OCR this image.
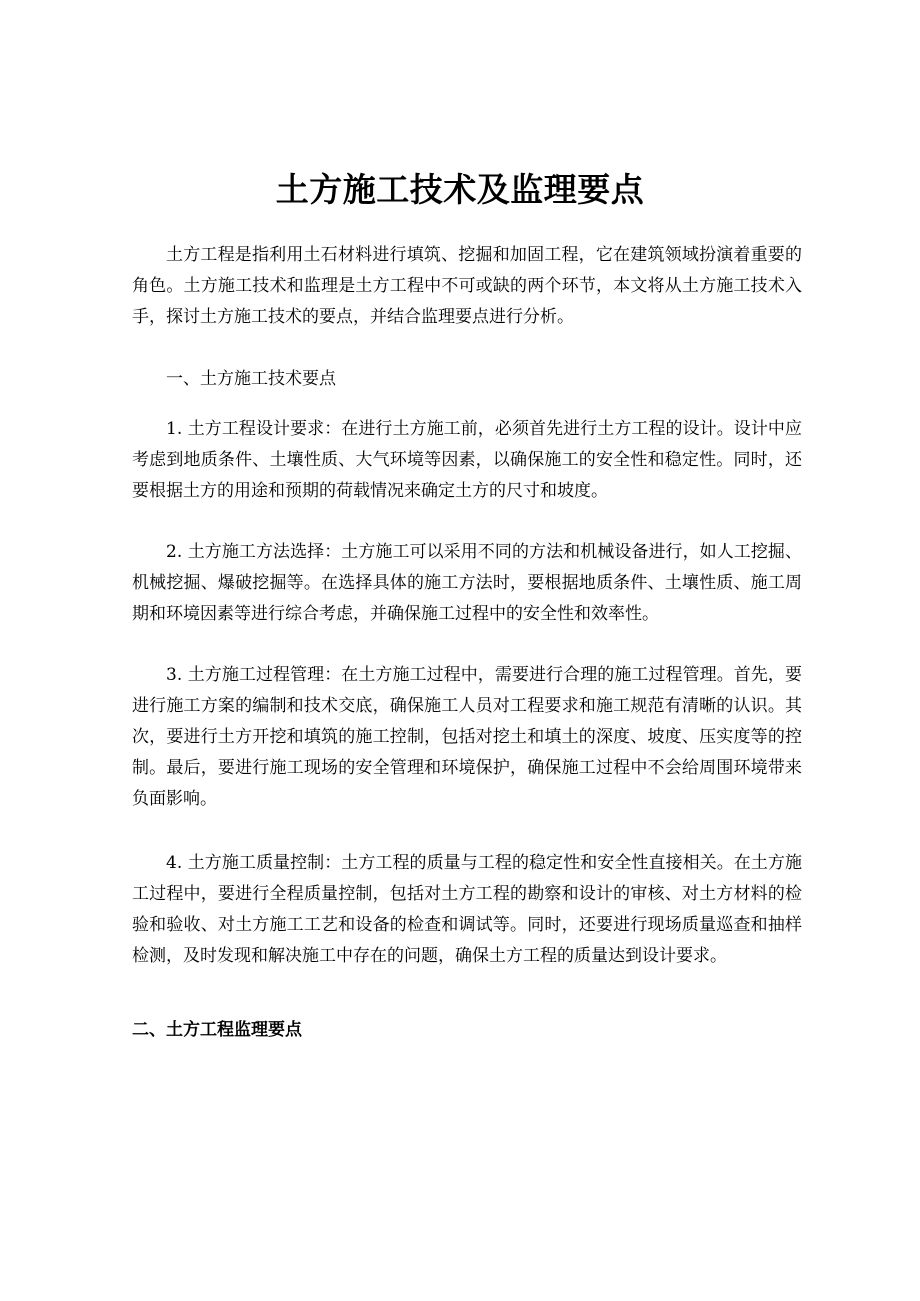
土方施工技术及监理要点

土方工程是指利用土石材料进行填筑、挖掘和加固工程，它在建筑领域扮演着重要的角色。土方施工技术和监理是土方工程中不可或缺的两个环节，本文将从土方施工技术入手，探讨土方施工技术的要点，并结合监理要点进行分析。

一、土方施工技术要点

1. 土方工程设计要求：在进行土方施工前，必须首先进行土方工程的设计。设计中应考虑到地质条件、土壤性质、大气环境等因素，以确保施工的安全性和稳定性。同时，还要根据土方的用途和预期的荷载情况来确定土方的尺寸和坡度。

2. 土方施工方法选择：土方施工可以采用不同的方法和机械设备进行，如人工挖掘、机械挖掘、爆破挖掘等。在选择具体的施工方法时，要根据地质条件、土壤性质、施工周期和环境因素等进行综合考虑，并确保施工过程中的安全性和效率性。

3. 土方施工过程管理：在土方施工过程中，需要进行合理的施工过程管理。首先，要进行施工方案的编制和技术交底，确保施工人员对工程要求和施工规范有清晰的认识。其次，要进行土方开挖和填筑的施工控制，包括对挖土和填土的深度、坡度、压实度等的控制。最后，要进行施工现场的安全管理和环境保护，确保施工过程中不会给周围环境带来负面影响。

4. 土方施工质量控制：土方工程的质量与工程的稳定性和安全性直接相关。在土方施工过程中，要进行全程质量控制，包括对土方工程的勘察和设计的审核、对土方材料的检验和验收、对土方施工工艺和设备的检查和调试等。同时，还要进行现场质量巡查和抽样检测，及时发现和解决施工中存在的问题，确保土方工程的质量达到设计要求。

二、土方工程监理要点
